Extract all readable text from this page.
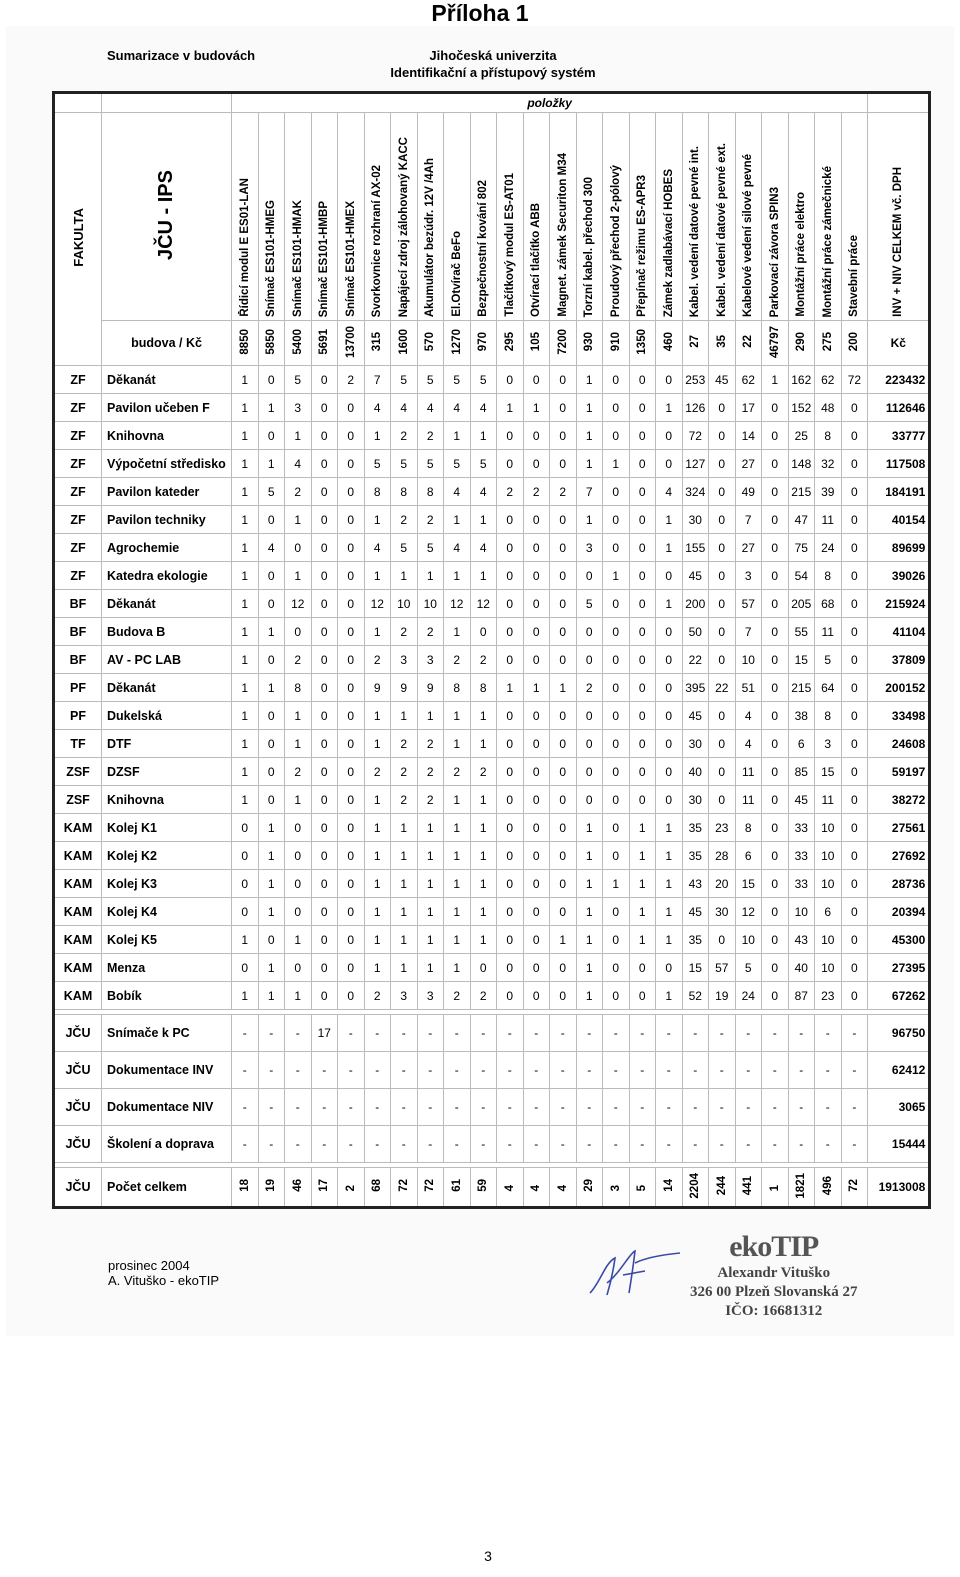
Příloha 1
Sumarizace v budovách	Jihočeská univerzita
Identifikační a přístupový systém
		položky																								
FAKULTA	JČU - IPS	Řídicí modul E ES01-LAN	Snímač ES101-HMEG	Snímač ES101-HMAK	Snímač ES101-HMBP	Snímač ES101-HMEX	Svorkovnice rozhraní AX-02	Napájecí zdroj zálohovaný KACC	Akumulátor bezúdr. 12V /4Ah	El.Otvírač BeFo	Bezpečnostní kování 802	Tlačítkový modul ES-AT01	Otvírací tlačítko ABB	Magnet. zámek Securiton M34	Torzní kabel. přechod 300	Proudový přechod 2-pólový	Přepínač režimu ES-APR3	Zámek zadlabávací HOBES	Kabel. vedení datové pevné int.	Kabel. vedení datové pevné ext.	Kabelové vedení silové pevné	Parkovací závora SPIN3	Montážní práce elektro	Montážní práce zámečnické	Stavební práce	INV + NIV CELKEM vč. DPH
	budova / Kč	8850	5850	5400	5691	13700	315	1600	570	1270	970	295	105	7200	930	910	1350	460	27	35	22	46797	290	275	200	Kč
ZF	Děkanát	1	0	5	0	2	7	5	5	5	5	0	0	0	1	0	0	0	253	45	62	1	162	62	72	223432
ZF	Pavilon učeben F	1	1	3	0	0	4	4	4	4	4	1	1	0	1	0	0	1	126	0	17	0	152	48	0	112646
ZF	Knihovna	1	0	1	0	0	1	2	2	1	1	0	0	0	1	0	0	0	72	0	14	0	25	8	0	33777
ZF	Výpočetní středisko	1	1	4	0	0	5	5	5	5	5	0	0	0	1	1	0	0	127	0	27	0	148	32	0	117508
ZF	Pavilon kateder	1	5	2	0	0	8	8	8	4	4	2	2	2	7	0	0	4	324	0	49	0	215	39	0	184191
ZF	Pavilon techniky	1	0	1	0	0	1	2	2	1	1	0	0	0	1	0	0	1	30	0	7	0	47	11	0	40154
ZF	Agrochemie	1	4	0	0	0	4	5	5	4	4	0	0	0	3	0	0	1	155	0	27	0	75	24	0	89699
ZF	Katedra ekologie	1	0	1	0	0	1	1	1	1	1	0	0	0	0	1	0	0	45	0	3	0	54	8	0	39026
BF	Děkanát	1	0	12	0	0	12	10	10	12	12	0	0	0	5	0	0	1	200	0	57	0	205	68	0	215924
BF	Budova B	1	1	0	0	0	1	2	2	1	0	0	0	0	0	0	0	0	50	0	7	0	55	11	0	41104
BF	AV - PC LAB	1	0	2	0	0	2	3	3	2	2	0	0	0	0	0	0	0	22	0	10	0	15	5	0	37809
PF	Děkanát	1	1	8	0	0	9	9	9	8	8	1	1	1	2	0	0	0	395	22	51	0	215	64	0	200152
PF	Dukelská	1	0	1	0	0	1	1	1	1	1	0	0	0	0	0	0	0	45	0	4	0	38	8	0	33498
TF	DTF	1	0	1	0	0	1	2	2	1	1	0	0	0	0	0	0	0	30	0	4	0	6	3	0	24608
ZSF	DZSF	1	0	2	0	0	2	2	2	2	2	0	0	0	0	0	0	0	40	0	11	0	85	15	0	59197
ZSF	Knihovna	1	0	1	0	0	1	2	2	1	1	0	0	0	0	0	0	0	30	0	11	0	45	11	0	38272
KAM	Kolej K1	0	1	0	0	0	1	1	1	1	1	0	0	0	1	0	1	1	35	23	8	0	33	10	0	27561
KAM	Kolej K2	0	1	0	0	0	1	1	1	1	1	0	0	0	1	0	1	1	35	28	6	0	33	10	0	27692
KAM	Kolej K3	0	1	0	0	0	1	1	1	1	1	0	0	0	1	1	1	1	43	20	15	0	33	10	0	28736
KAM	Kolej K4	0	1	0	0	0	1	1	1	1	1	0	0	0	1	0	1	1	45	30	12	0	10	6	0	20394
KAM	Kolej K5	1	0	1	0	0	1	1	1	1	1	0	0	1	1	0	1	1	35	0	10	0	43	10	0	45300
KAM	Menza	0	1	0	0	0	1	1	1	1	0	0	0	0	1	0	0	0	15	57	5	0	40	10	0	27395
KAM	Bobík	1	1	1	0	0	2	3	3	2	2	0	0	0	1	0	0	1	52	19	24	0	87	23	0	67262

JČU	Snímače k PC	-	-	-	17	-	-	-	-	-	-	-	-	-	-	-	-	-	-	-	-	-	-	-	-	96750
JČU	Dokumentace INV	-	-	-	-	-	-	-	-	-	-	-	-	-	-	-	-	-	-	-	-	-	-	-	-	62412
JČU	Dokumentace NIV	-	-	-	-	-	-	-	-	-	-	-	-	-	-	-	-	-	-	-	-	-	-	-	-	3065
JČU	Školení a doprava	-	-	-	-	-	-	-	-	-	-	-	-	-	-	-	-	-	-	-	-	-	-	-	-	15444

JČU	Počet celkem	18	19	46	17	2	68	72	72	61	59	4	4	4	29	3	5	14	2204	244	441	1	1821	496	72	1913008
prosinec 2004
A. Vituško - ekoTIP
ekoTIP
Alexandr Vituško
326 00 Plzeň Slovanská 27
IČO: 16681312
3
